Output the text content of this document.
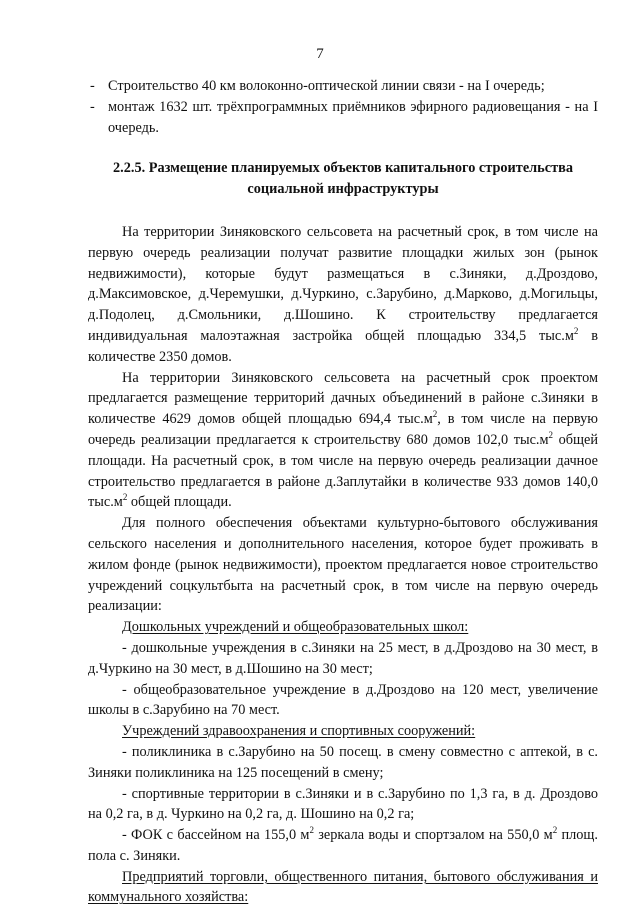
7
- Строительство 40 км волоконно-оптической линии связи - на I очередь;
- монтаж 1632 шт. трёхпрограммных приёмников эфирного радиовещания - на I очередь.
2.2.5. Размещение планируемых объектов капитального строительства социальной инфраструктуры

На территории Зиняковского сельсовета на расчетный срок, в том числе на первую очередь реализации получат развитие площадки жилых зон (рынок недвижимости), которые будут размещаться в с.Зиняки, д.Дроздово, д.Максимовское, д.Черемушки, д.Чуркино, с.Зарубино, д.Марково, д.Могильцы, д.Подолец, д.Смольники, д.Шошино. К строительству предлагается индивидуальная малоэтажная застройка общей площадью 334,5 $тыс.м^2$ в количестве 2350 домов.

На территории Зиняковского сельсовета на расчетный срок проектом предлагается размещение территорий дачных объединений в районе с.Зиняки в количестве 4629 домов общей площадью 694,4 $тыс.м^2$, в том числе на первую очередь реализации предлагается к строительству 680 домов 102,0 $тыс.м^2$ общей площади. На расчетный срок, в том числе на первую очередь реализации дачное строительство предлагается в районе д.Заплутайки в количестве 933 домов 140,0 $тыс.м^2$ общей площади.

Для полного обеспечения объектами культурно-бытового обслуживания сельского населения и дополнительного населения, которое будет проживать в жилом фонде (рынок недвижимости), проектом предлагается новое строительство учреждений соцкультбыта на расчетный срок, в том числе на первую очередь реализации:

Дошкольных учреждений и общеобразовательных школ:

- дошкольные учреждения в с.Зиняки на 25 мест, в д.Дроздово на 30 мест, в д.Чуркино на 30 мест, в д.Шошино на 30 мест;

- общеобразовательное учреждение в д.Дроздово на 120 мест, увеличение школы в с.Зарубино на 70 мест.

Учреждений здравоохранения и спортивных сооружений:

- поликлиника в с.Зарубино на 50 посещ. в смену совместно с аптекой, в с. Зиняки поликлиника на 125 посещений в смену;

- спортивные территории в с.Зиняки и в с.Зарубино по 1,3 га, в д. Дроздово на 0,2 га, в д. Чуркино на 0,2 га, д. Шошино на 0,2 га;

- ФОК с бассейном на 155,0 $м^2$ зеркала воды и спортзалом на 550,0 $м^2$ площ. пола с. Зиняки.

Предприятий торговли, общественного питания, бытового обслуживания и коммунального хозяйства:
